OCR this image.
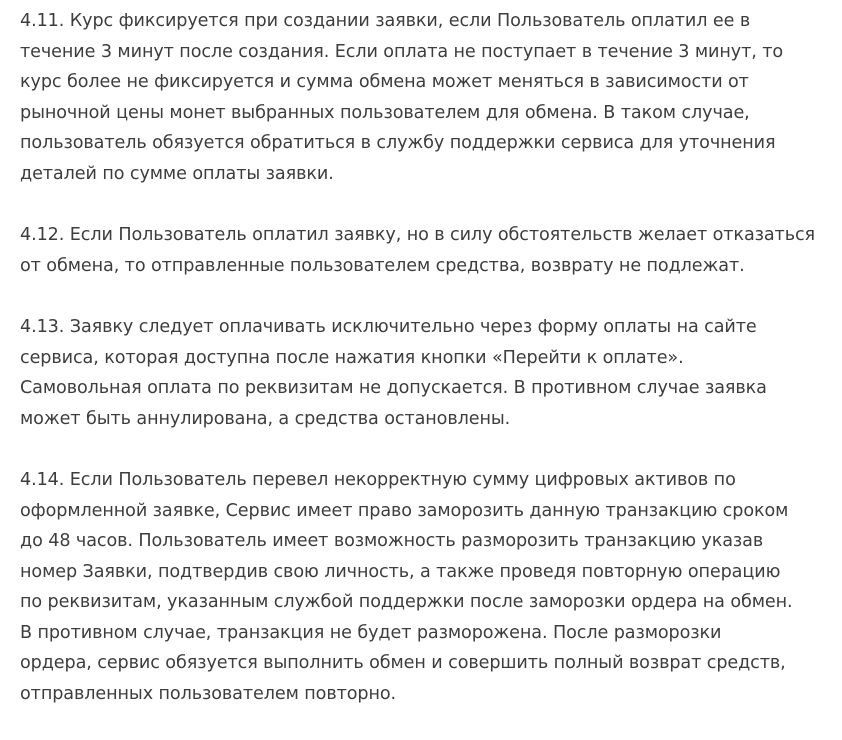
4.11. Курс фиксируется при создании заявки, если Пользователь оплатил ее в
течение 3 минут после создания. Если оплата не поступает в течение 3 минут, то
курс более не фиксируется и сумма обмена может меняться в зависимости от
рыночной цены монет выбранных пользователем для обмена. В таком случае,
пользователь обязуется обратиться в службу поддержки сервиса для уточнения
деталей по сумме оплаты заявки.

4.12. Если Пользователь оплатил заявку, но в силу обстоятельств желает отказаться
от обмена, то отправленные пользователем средства, возврату не подлежат.

4.13. Заявку следует оплачивать исключительно через форму оплаты на сайте
сервиса, которая доступна после нажатия кнопки «Перейти к оплате».
Самовольная оплата по реквизитам не допускается. В противном случае заявка
может быть аннулирована, а средства остановлены.

4.14. Если Пользователь перевел некорректную сумму цифровых активов по
оформленной заявке, Сервис имеет право заморозить данную транзакцию сроком
до 48 часов. Пользователь имеет возможность разморозить транзакцию указав
номер Заявки, подтвердив свою личность, а также проведя повторную операцию
по реквизитам, указанным службой поддержки после заморозки ордера на обмен.
В противном случае, транзакция не будет разморожена. После разморозки
ордера, сервис обязуется выполнить обмен и совершить полный возврат средств,
отправленных пользователем повторно.
